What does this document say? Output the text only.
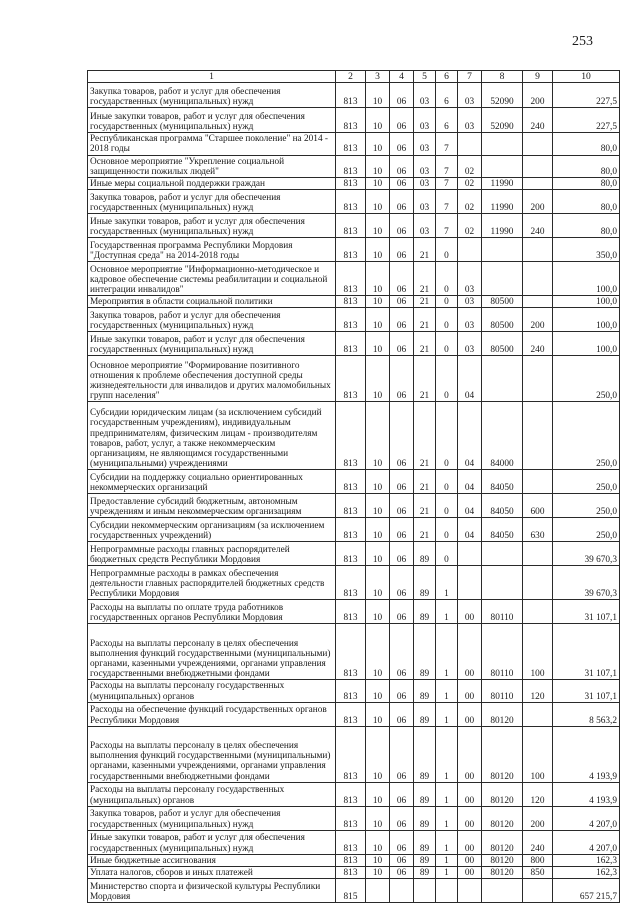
253
1	2	3	4	5	6	7	8	9	10
Закупка товаров, работ и услуг для обеспечения государственных (муниципальных) нужд	813	10	06	03	6	03	52090	200	227,5
Иные закупки товаров, работ и услуг для обеспечения государственных (муниципальных) нужд	813	10	06	03	6	03	52090	240	227,5
Республиканская программа "Старшее поколение" на 2014 - 2018 годы	813	10	06	03	7				80,0
Основное мероприятие "Укрепление социальной защищенности пожилых людей"	813	10	06	03	7	02			80,0
Иные меры социальной поддержки граждан	813	10	06	03	7	02	11990		80,0
Закупка товаров, работ и услуг для обеспечения государственных (муниципальных) нужд	813	10	06	03	7	02	11990	200	80,0
Иные закупки товаров, работ и услуг для обеспечения государственных (муниципальных) нужд	813	10	06	03	7	02	11990	240	80,0
Государственная программа Республики Мордовия "Доступная среда" на 2014-2018 годы	813	10	06	21	0				350,0
Основное мероприятие "Информационно-методическое и кадровое обеспечение системы реабилитации и социальной интеграции инвалидов"	813	10	06	21	0	03			100,0
Мероприятия в области социальной политики	813	10	06	21	0	03	80500		100,0
Закупка товаров, работ и услуг для обеспечения государственных (муниципальных) нужд	813	10	06	21	0	03	80500	200	100,0
Иные закупки товаров, работ и услуг для обеспечения государственных (муниципальных) нужд	813	10	06	21	0	03	80500	240	100,0
Основное мероприятие "Формирование позитивного отношения к проблеме обеспечения доступной среды жизнедеятельности для инвалидов и других маломобильных групп населения"	813	10	06	21	0	04			250,0
Субсидии юридическим лицам (за исключением субсидий государственным учреждениям), индивидуальным предпринимателям, физическим лицам - производителям товаров, работ, услуг, а также некоммерческим организациям, не являющимся государственными (муниципальными) учреждениями	813	10	06	21	0	04	84000		250,0
Субсидии на поддержку социально ориентированных некоммерческих организаций	813	10	06	21	0	04	84050		250,0
Предоставление субсидий бюджетным, автономным учреждениям и иным некоммерческим организациям	813	10	06	21	0	04	84050	600	250,0
Субсидии некоммерческим организациям (за исключением государственных учреждений)	813	10	06	21	0	04	84050	630	250,0
Непрограммные расходы главных распорядителей бюджетных средств Республики Мордовия	813	10	06	89	0				39 670,3
Непрограммные расходы в рамках обеспечения деятельности главных распорядителей бюджетных средств Республики Мордовия	813	10	06	89	1				39 670,3
Расходы на выплаты по оплате труда работников государственных органов Республики Мордовия	813	10	06	89	1	00	80110		31 107,1
Расходы на выплаты персоналу в целях обеспечения выполнения функций государственными (муниципальными) органами, казенными учреждениями, органами управления государственными внебюджетными фондами	813	10	06	89	1	00	80110	100	31 107,1
Расходы на выплаты персоналу государственных (муниципальных) органов	813	10	06	89	1	00	80110	120	31 107,1
Расходы на обеспечение функций государственных органов Республики Мордовия	813	10	06	89	1	00	80120		8 563,2
Расходы на выплаты персоналу в целях обеспечения выполнения функций государственными (муниципальными) органами, казенными учреждениями, органами управления государственными внебюджетными фондами	813	10	06	89	1	00	80120	100	4 193,9
Расходы на выплаты персоналу государственных (муниципальных) органов	813	10	06	89	1	00	80120	120	4 193,9
Закупка товаров, работ и услуг для обеспечения государственных (муниципальных) нужд	813	10	06	89	1	00	80120	200	4 207,0
Иные закупки товаров, работ и услуг для обеспечения государственных (муниципальных) нужд	813	10	06	89	1	00	80120	240	4 207,0
Иные бюджетные ассигнования	813	10	06	89	1	00	80120	800	162,3
Уплата налогов, сборов и иных платежей	813	10	06	89	1	00	80120	850	162,3
Министерство спорта и физической культуры Республики Мордовия	815								657 215,7
